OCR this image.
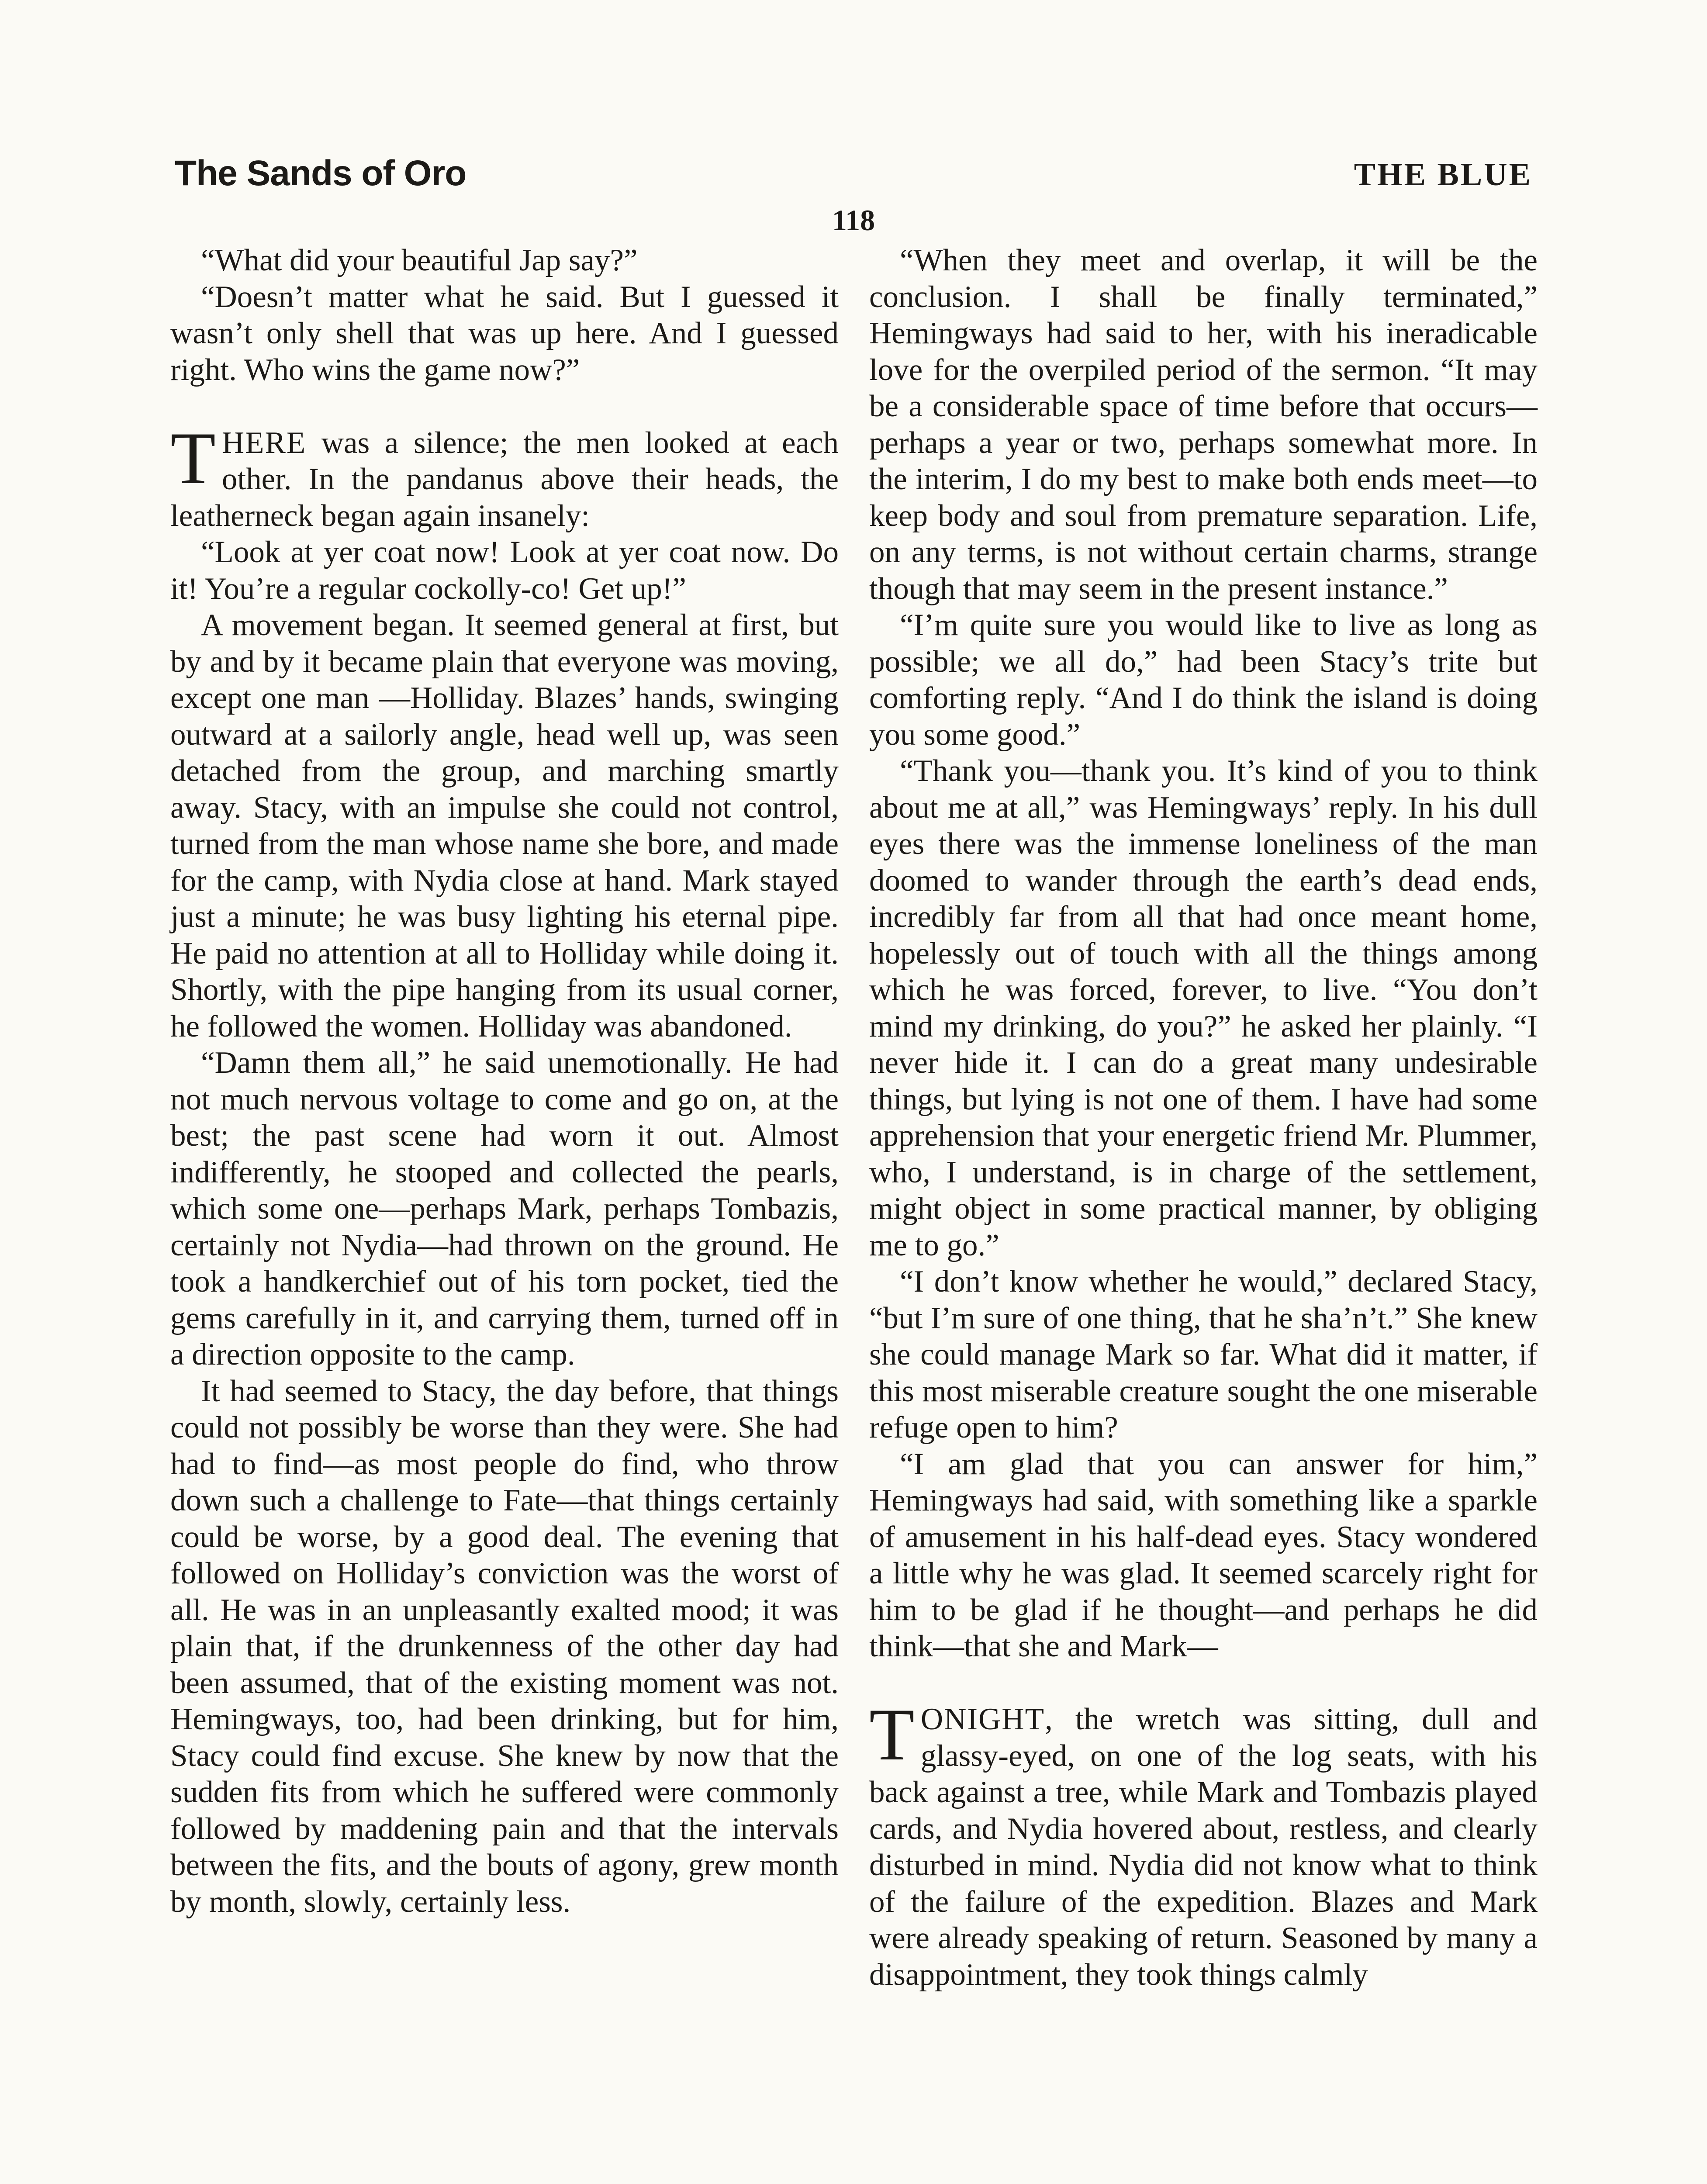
The Sands of Oro	THE BLUE
118

“What did your beautiful Jap say?”

“Doesn’t matter what he said. But I guessed it wasn’t only shell that was up here. And I guessed right. Who wins the game now?”

THERE was a silence; the men looked at each other. In the pandanus above their heads, the leatherneck began again insanely:

“Look at yer coat now! Look at yer coat now. Do it! You’re a regular cockolly-co! Get up!”

A movement began. It seemed general at first, but by and by it became plain that everyone was moving, except one man —Holliday. Blazes’ hands, swinging outward at a sailorly angle, head well up, was seen detached from the group, and marching smartly away. Stacy, with an impulse she could not control, turned from the man whose name she bore, and made for the camp, with Nydia close at hand. Mark stayed just a minute; he was busy lighting his eternal pipe. He paid no attention at all to Holliday while doing it. Shortly, with the pipe hanging from its usual corner, he followed the women. Holliday was abandoned.

“Damn them all,” he said unemotionally. He had not much nervous voltage to come and go on, at the best; the past scene had worn it out. Almost indifferently, he stooped and collected the pearls, which some one—perhaps Mark, perhaps Tombazis, certainly not Nydia—had thrown on the ground. He took a handkerchief out of his torn pocket, tied the gems carefully in it, and carrying them, turned off in a direction opposite to the camp.

It had seemed to Stacy, the day before, that things could not possibly be worse than they were. She had had to find—as most people do find, who throw down such a challenge to Fate—that things certainly could be worse, by a good deal. The evening that followed on Holliday’s conviction was the worst of all. He was in an unpleasantly exalted mood; it was plain that, if the drunkenness of the other day had been assumed, that of the existing moment was not. Hemingways, too, had been drinking, but for him, Stacy could find excuse. She knew by now that the sudden fits from which he suffered were commonly followed by maddening pain and that the intervals between the fits, and the bouts of agony, grew month by month, slowly, certainly less.

“When they meet and overlap, it will be the conclusion. I shall be finally terminated,” Hemingways had said to her, with his ineradicable love for the overpiled period of the sermon. “It may be a considerable space of time before that occurs—perhaps a year or two, perhaps somewhat more. In the interim, I do my best to make both ends meet—to keep body and soul from premature separation. Life, on any terms, is not without certain charms, strange though that may seem in the present instance.”

“I’m quite sure you would like to live as long as possible; we all do,” had been Stacy’s trite but comforting reply. “And I do think the island is doing you some good.”

“Thank you—thank you. It’s kind of you to think about me at all,” was Hemingways’ reply. In his dull eyes there was the immense loneliness of the man doomed to wander through the earth’s dead ends, incredibly far from all that had once meant home, hopelessly out of touch with all the things among which he was forced, forever, to live. “You don’t mind my drinking, do you?” he asked her plainly. “I never hide it. I can do a great many undesirable things, but lying is not one of them. I have had some apprehension that your energetic friend Mr. Plummer, who, I understand, is in charge of the settlement, might object in some practical manner, by obliging me to go.”

“I don’t know whether he would,” declared Stacy, “but I’m sure of one thing, that he sha’n’t.” She knew she could manage Mark so far. What did it matter, if this most miserable creature sought the one miserable refuge open to him?

“I am glad that you can answer for him,” Hemingways had said, with something like a sparkle of amusement in his half-dead eyes. Stacy wondered a little why he was glad. It seemed scarcely right for him to be glad if he thought—and perhaps he did think—that she and Mark—

TONIGHT, the wretch was sitting, dull and glassy-eyed, on one of the log seats, with his back against a tree, while Mark and Tombazis played cards, and Nydia hovered about, restless, and clearly disturbed in mind. Nydia did not know what to think of the failure of the expedition. Blazes and Mark were already speaking of return. Seasoned by many a disappointment, they took things calmly
